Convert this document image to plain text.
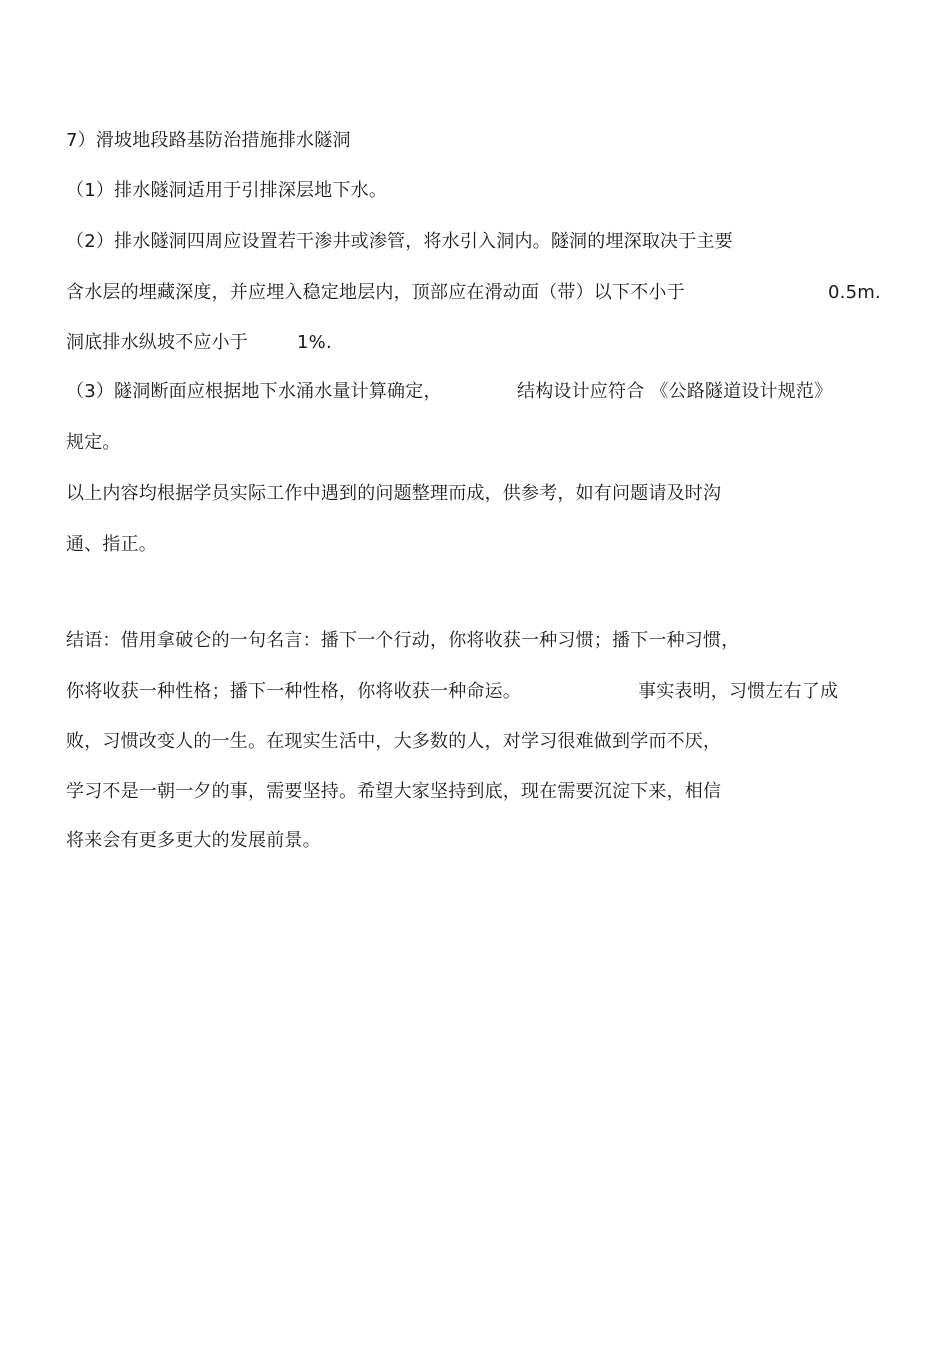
7）滑坡地段路基防治措施排水隧洞
（1）排水隧洞适用于引排深层地下水。
（2）排水隧洞四周应设置若干渗井或渗管，将水引入洞内。隧洞的埋深取决于主要
含水层的埋藏深度，并应埋入稳定地层内，顶部应在滑动面（带）以下不小于	0.5m.
洞底排水纵坡不应小于	1%.
（3）隧洞断面应根据地下水涌水量计算确定，	结构设计应符合 《公路隧道设计规范》
规定。
以上内容均根据学员实际工作中遇到的问题整理而成，供参考，如有问题请及时沟
通、指正。
结语：借用拿破仑的一句名言：播下一个行动，你将收获一种习惯；播下一种习惯，
你将收获一种性格；播下一种性格，你将收获一种命运。	事实表明，习惯左右了成
败，习惯改变人的一生。在现实生活中，大多数的人，对学习很难做到学而不厌，
学习不是一朝一夕的事，需要坚持。希望大家坚持到底，现在需要沉淀下来，相信
将来会有更多更大的发展前景。
